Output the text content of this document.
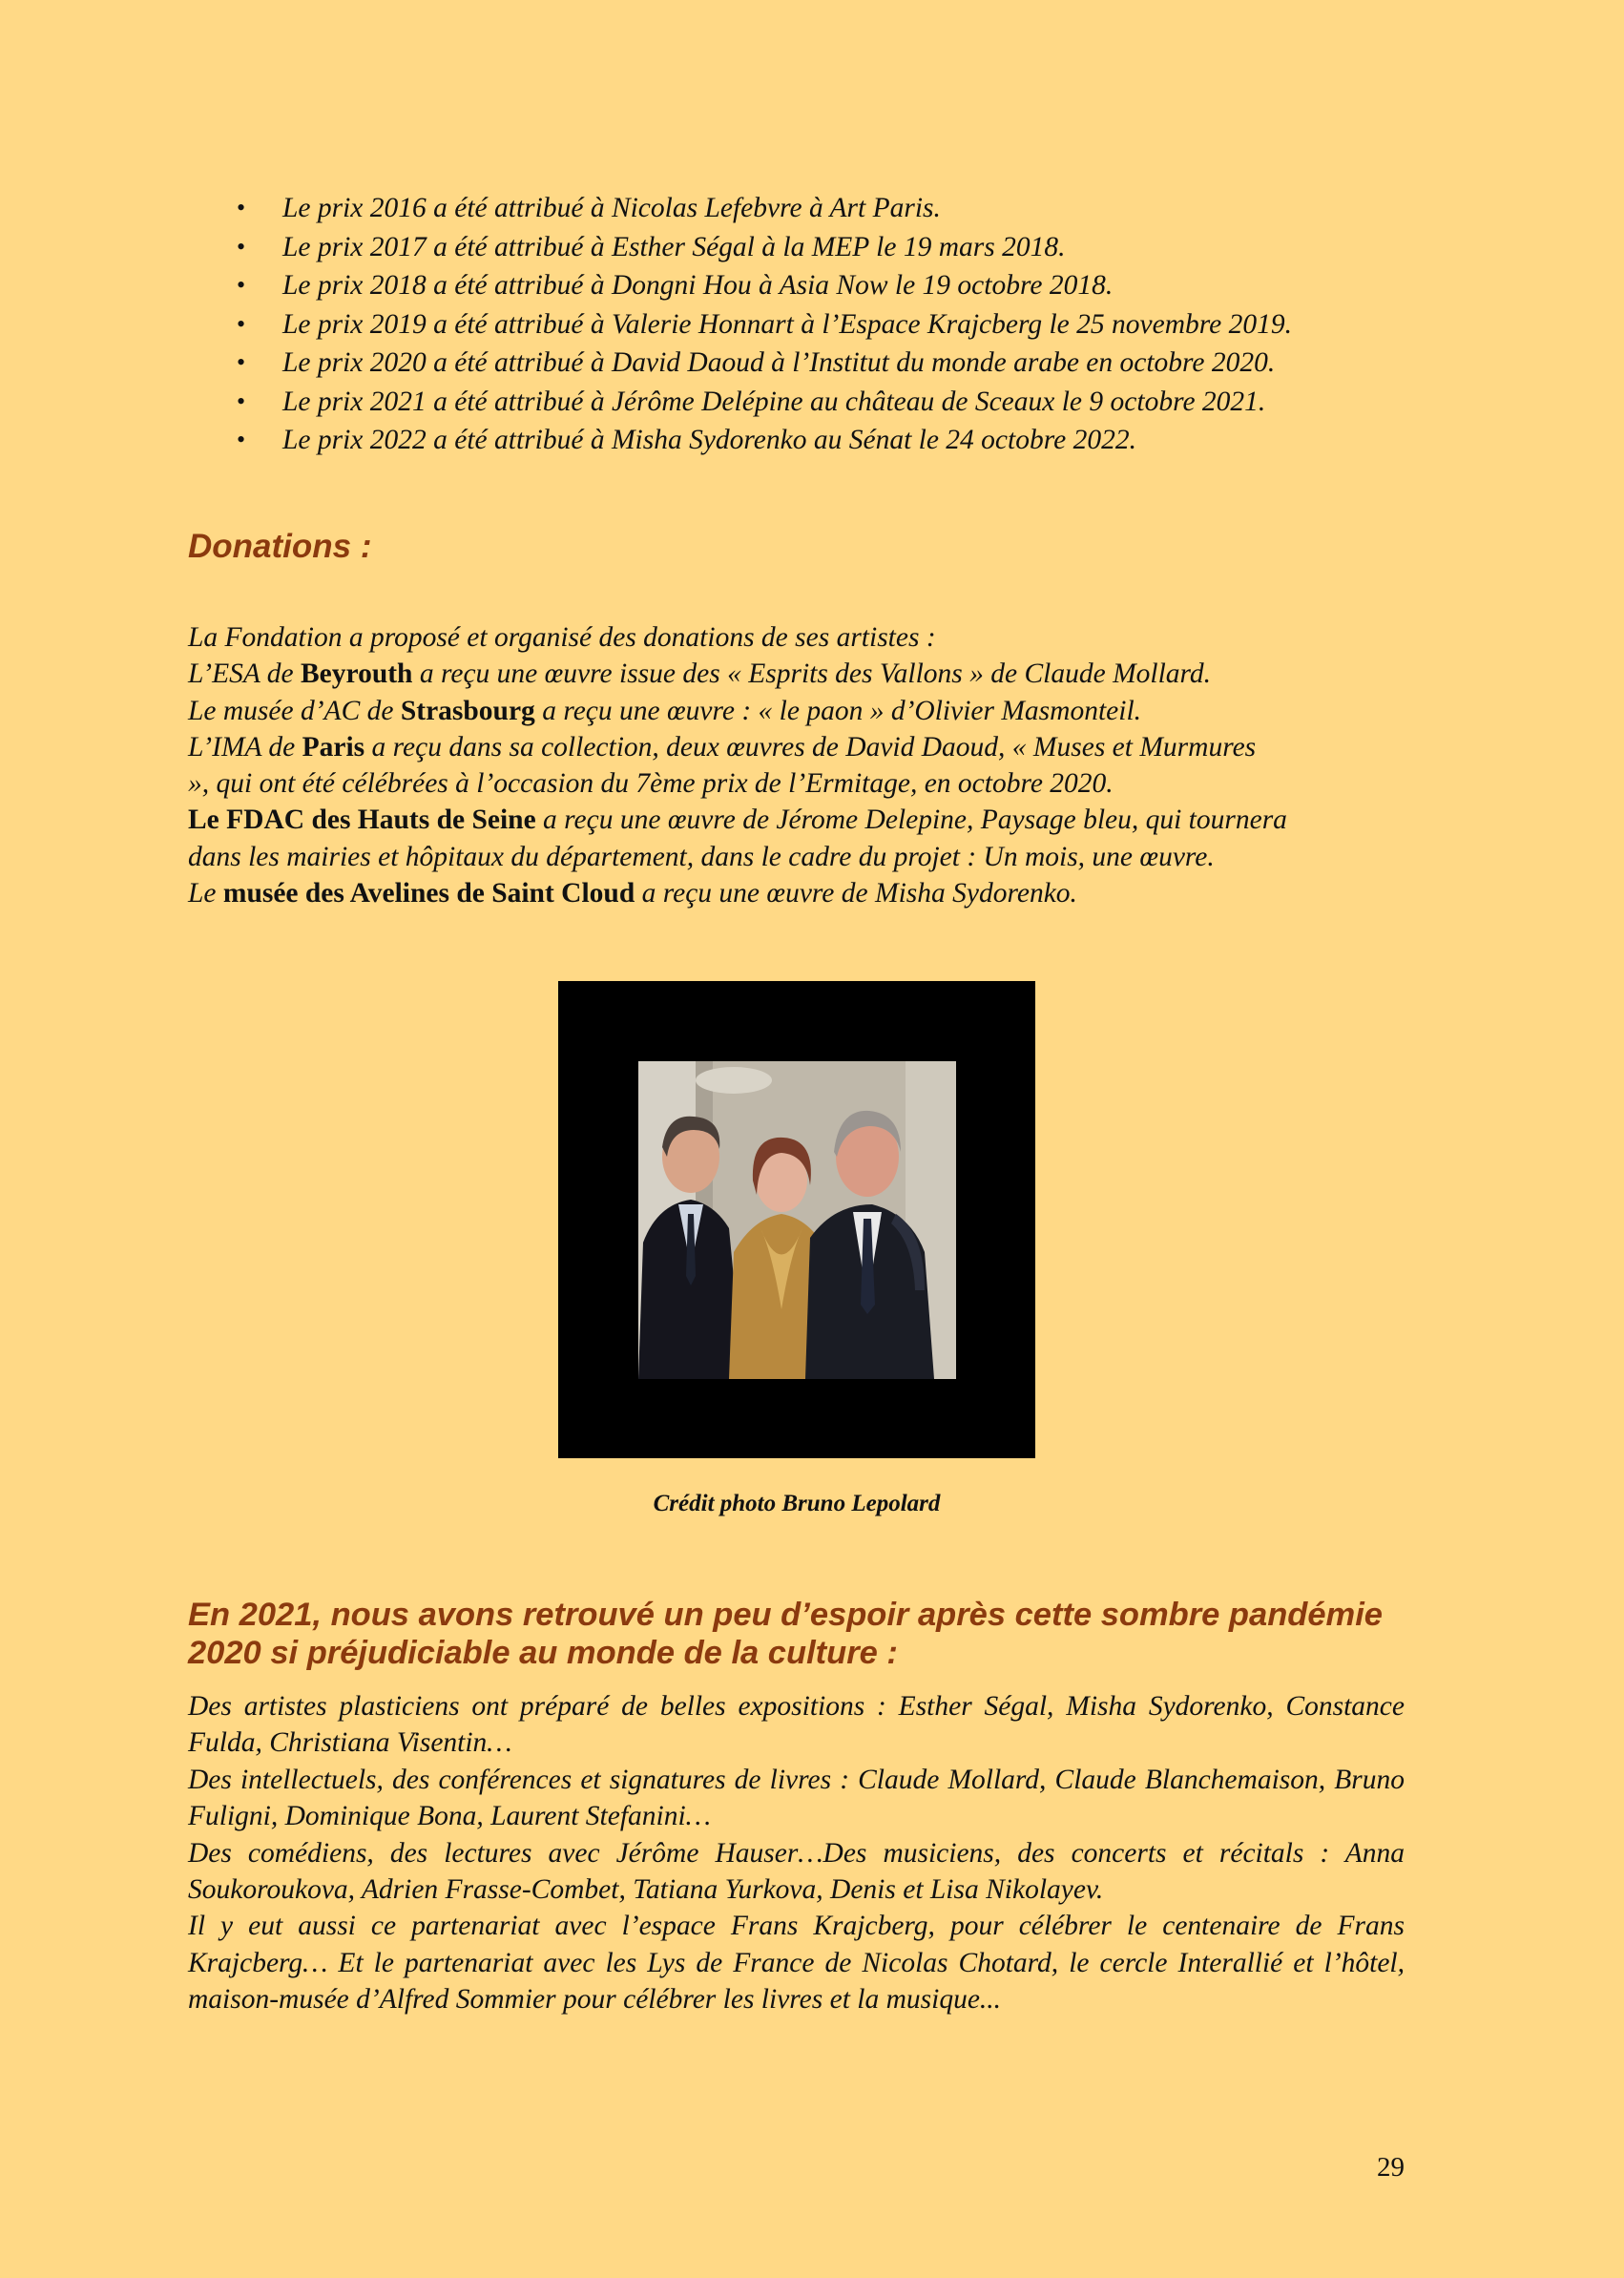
• Le prix 2016 a été attribué à Nicolas Lefebvre à Art Paris.
• Le prix 2017 a été attribué à Esther Ségal à la MEP le 19 mars 2018.
• Le prix 2018 a été attribué à Dongni Hou à Asia Now le 19 octobre 2018.
• Le prix 2019 a été attribué à Valerie Honnart à l’Espace Krajcberg le 25 novembre 2019.
• Le prix 2020 a été attribué à David Daoud à l’Institut du monde arabe en octobre 2020.
• Le prix 2021 a été attribué à Jérôme Delépine au château de Sceaux le 9 octobre 2021.
• Le prix 2022 a été attribué à Misha Sydorenko au Sénat le 24 octobre 2022.
Donations :

La Fondation a proposé et organisé des donations de ses artistes :

L’ESA de Beyrouth a reçu une œuvre issue des « Esprits des Vallons » de Claude Mollard.

Le musée d’AC de Strasbourg a reçu une œuvre : « le paon » d’Olivier Masmonteil.

L’IMA de Paris a reçu dans sa collection, deux œuvres de David Daoud, « Muses et Murmures

», qui ont été célébrées à l’occasion du 7ème prix de l’Ermitage, en octobre 2020.

Le FDAC des Hauts de Seine a reçu une œuvre de Jérome Delepine, Paysage bleu, qui tournera

dans les mairies et hôpitaux du département, dans le cadre du projet : Un mois, une œuvre.

Le musée des Avelines de Saint Cloud a reçu une œuvre de Misha Sydorenko.

Crédit photo Bruno Lepolard
En 2021, nous avons retrouvé un peu d’espoir après cette sombre pandémie 2020 si préjudiciable au monde de la culture :

Des artistes plasticiens ont préparé de belles expositions : Esther Ségal, Misha Sydorenko, Constance Fulda, Christiana Visentin…

Des intellectuels, des conférences et signatures de livres : Claude Mollard, Claude Blanchemaison, Bruno Fuligni, Dominique Bona, Laurent Stefanini…

Des comédiens, des lectures avec Jérôme Hauser…Des musiciens, des concerts et récitals : Anna Soukoroukova, Adrien Frasse-Combet, Tatiana Yurkova, Denis et Lisa Nikolayev.

Il y eut aussi ce partenariat avec l’espace Frans Krajcberg, pour célébrer le centenaire de Frans Krajcberg… Et le partenariat avec les Lys de France de Nicolas Chotard, le cercle Interallié et l’hôtel, maison-musée d’Alfred Sommier pour célébrer les livres et la musique...

29
